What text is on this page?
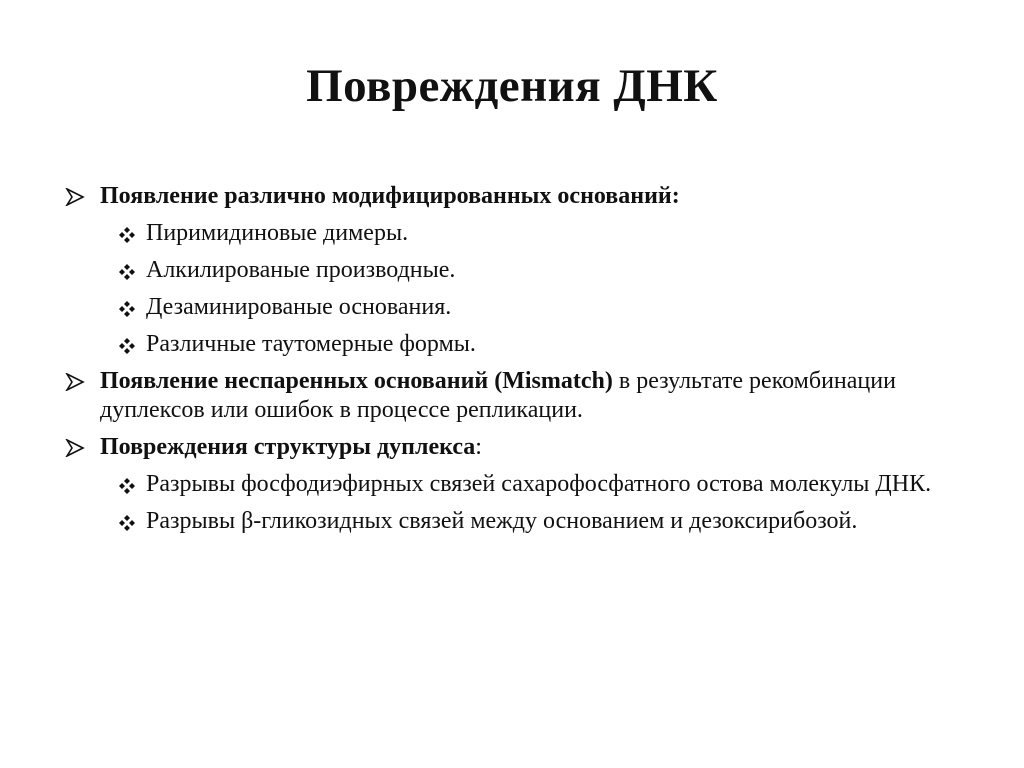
Повреждения ДНК
Появление различно модифицированных оснований:
Пиримидиновые димеры.
Алкилированые производные.
Дезаминированые основания.
Различные таутомерные формы.
Появление неспаренных оснований (Mismatch) в результате рекомбинации дуплексов или ошибок в процессе репликации.
Повреждения структуры дуплекса:
Разрывы фосфодиэфирных связей сахарофосфатного остова молекулы ДНК.
Разрывы β-гликозидных связей между основанием и дезоксирибозой.
